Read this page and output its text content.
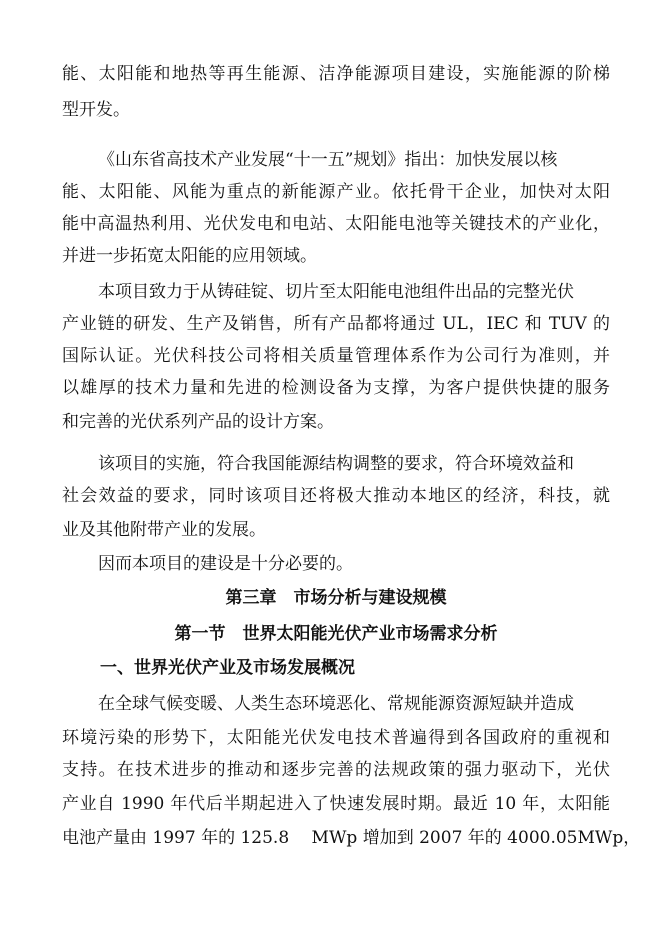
能、太阳能和地热等再生能源、洁净能源项目建设，实施能源的阶梯
型开发。
《山东省高技术产业发展“十一五”规划》指出：加快发展以核
能、太阳能、风能为重点的新能源产业。依托骨干企业，加快对太阳
能中高温热利用、光伏发电和电站、太阳能电池等关键技术的产业化，
并进一步拓宽太阳能的应用领域。
本项目致力于从铸硅锭、切片至太阳能电池组件出品的完整光伏
产业链的研发、生产及销售，所有产品都将通过 UL，IEC 和 TUV 的
国际认证。光伏科技公司将相关质量管理体系作为公司行为准则，并
以雄厚的技术力量和先进的检测设备为支撑，为客户提供快捷的服务
和完善的光伏系列产品的设计方案。
该项目的实施，符合我国能源结构调整的要求，符合环境效益和
社会效益的要求，同时该项目还将极大推动本地区的经济，科技，就
业及其他附带产业的发展。
因而本项目的建设是十分必要的。
第三章　市场分析与建设规模
第一节　世界太阳能光伏产业市场需求分析
一、世界光伏产业及市场发展概况
在全球气候变暖、人类生态环境恶化、常规能源资源短缺并造成
环境污染的形势下，太阳能光伏发电技术普遍得到各国政府的重视和
支持。在技术进步的推动和逐步完善的法规政策的强力驱动下，光伏
产业自 1990 年代后半期起进入了快速发展时期。最近 10 年，太阳能
电池产量由 1997 年的 125.8　 MWp 增加到 2007 年的 4000.05MWp，
